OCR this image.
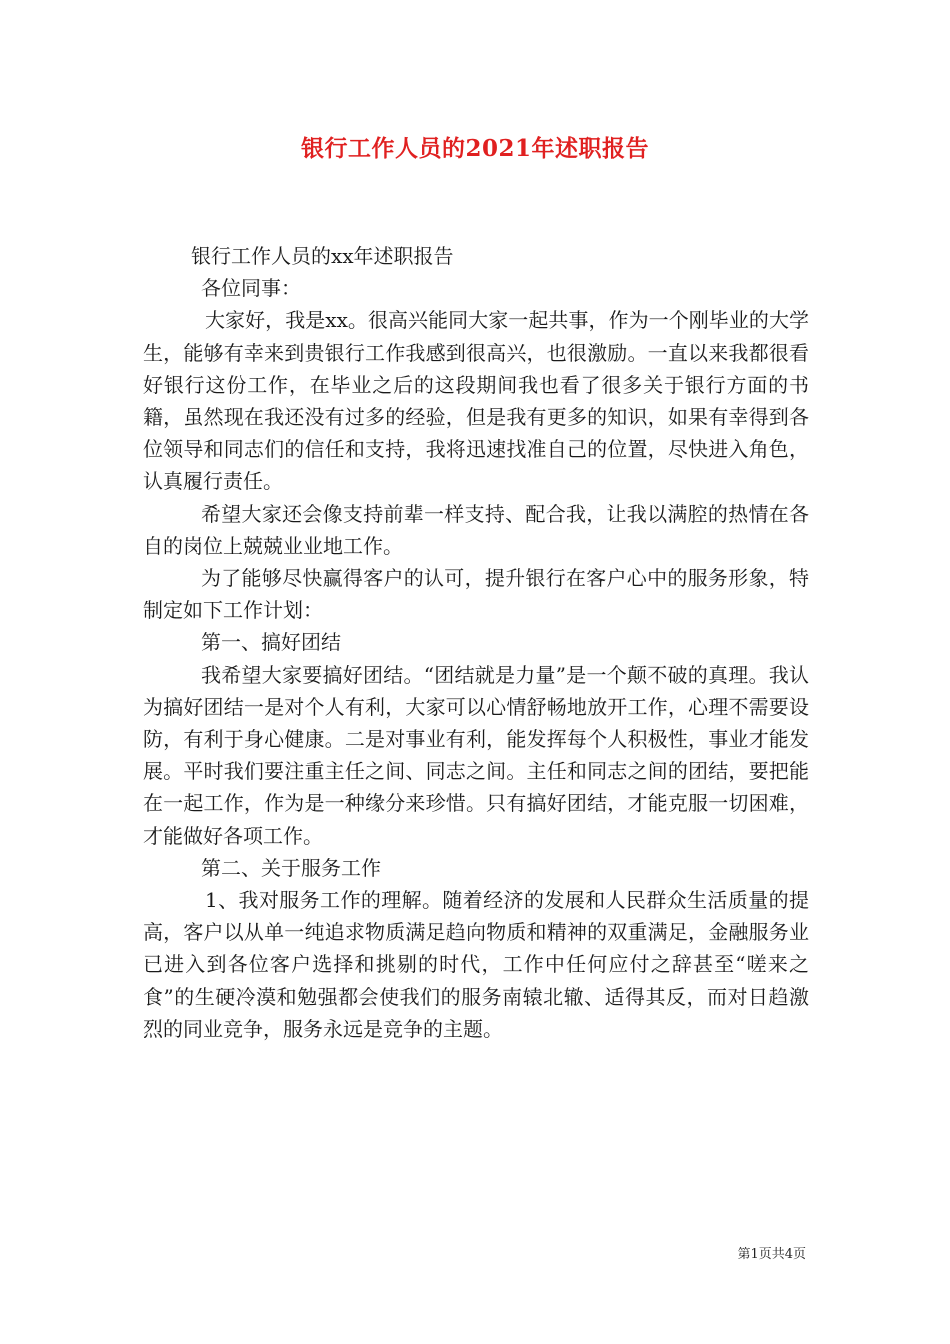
银行工作人员的2021年述职报告

银行工作人员的xx年述职报告

各位同事：

大家好，我是xx。很高兴能同大家一起共事，作为一个刚毕业的大学生，能够有幸来到贵银行工作我感到很高兴，也很激励。一直以来我都很看好银行这份工作，在毕业之后的这段期间我也看了很多关于银行方面的书籍，虽然现在我还没有过多的经验，但是我有更多的知识，如果有幸得到各位领导和同志们的信任和支持，我将迅速找准自己的位置，尽快进入角色，认真履行责任。

希望大家还会像支持前辈一样支持、配合我，让我以满腔的热情在各自的岗位上兢兢业业地工作。

为了能够尽快赢得客户的认可，提升银行在客户心中的服务形象，特制定如下工作计划：

第一、搞好团结

我希望大家要搞好团结。“团结就是力量”是一个颠不破的真理。我认为搞好团结一是对个人有利，大家可以心情舒畅地放开工作，心理不需要设防，有利于身心健康。二是对事业有利，能发挥每个人积极性，事业才能发展。平时我们要注重主任之间、同志之间。主任和同志之间的团结，要把能在一起工作，作为是一种缘分来珍惜。只有搞好团结，才能克服一切困难，才能做好各项工作。

第二、关于服务工作

1、我对服务工作的理解。随着经济的发展和人民群众生活质量的提高，客户以从单一纯追求物质满足趋向物质和精神的双重满足，金融服务业已进入到各位客户选择和挑剔的时代，工作中任何应付之辞甚至“嗟来之食”的生硬冷漠和勉强都会使我们的服务南辕北辙、适得其反，而对日趋激烈的同业竞争，服务永远是竞争的主题。

第1页共4页
